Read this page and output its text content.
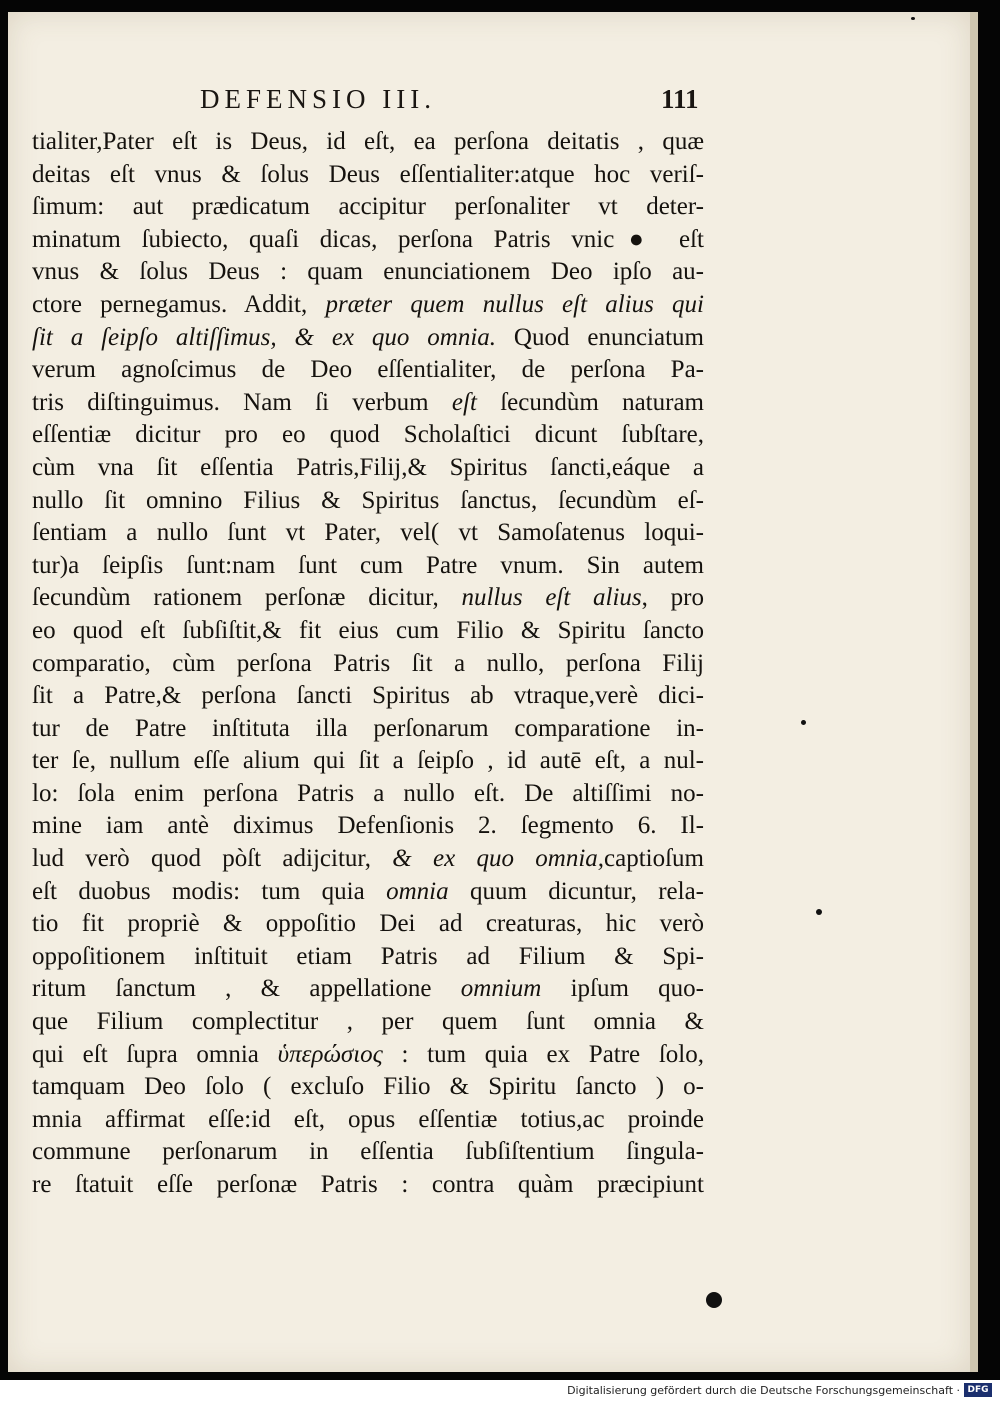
DEFENSIO III.	111
tialiter,Pater eſt is Deus, id eſt, ea perſona deitatis , quæ
deitas eſt vnus & ſolus Deus eſſentialiter:atque hoc veriſ-
ſimum: aut prædicatum accipitur perſonaliter vt deter-
minatum ſubiecto, quaſi dicas, perſona Patris vnic● eſt
vnus & ſolus Deus : quam enunciationem Deo ipſo au-
ctore pernegamus. Addit, præter quem nullus eſt alius qui
ſit a ſeipſo altiſſimus, & ex quo omnia. Quod enunciatum
verum agnoſcimus de Deo eſſentialiter, de perſona Pa-
tris diſtinguimus. Nam ſi verbum eſt ſecundùm naturam
eſſentiæ dicitur pro eo quod Scholaſtici dicunt ſubſtare,
cùm vna ſit eſſentia Patris,Filij,& Spiritus ſancti,eáque a
nullo ſit omnino Filius & Spiritus ſanctus, ſecundùm eſ-
ſentiam a nullo ſunt vt Pater, vel( vt Samoſatenus loqui-
tur)a ſeipſis ſunt:nam ſunt cum Patre vnum. Sin autem
ſecundùm rationem perſonæ dicitur, nullus eſt alius, pro
eo quod eſt ſubſiſtit,& fit eius cum Filio & Spiritu ſancto
comparatio, cùm perſona Patris ſit a nullo, perſona Filij
ſit a Patre,& perſona ſancti Spiritus ab vtraque,verè dici-
tur de Patre inſtituta illa perſonarum comparatione in-
ter ſe, nullum eſſe alium qui ſit a ſeipſo , id autē eſt, a nul-
lo: ſola enim perſona Patris a nullo eſt. De altiſſimi no-
mine iam antè diximus Defenſionis 2. ſegmento 6. Il-
lud verò quod pòſt adijcitur, & ex quo omnia,captioſum
eſt duobus modis: tum quia omnia quum dicuntur, rela-
tio fit propriè & oppoſitio Dei ad creaturas, hic verò
oppoſitionem inſtituit etiam Patris ad Filium & Spi-
ritum ſanctum , & appellatione omnium ipſum quo-
que Filium complectitur , per quem ſunt omnia &
qui eſt ſupra omnia ὑπερώσιος : tum quia ex Patre ſolo,
tamquam Deo ſolo ( excluſo Filio & Spiritu ſancto ) o-
mnia affirmat eſſe:id eſt, opus eſſentiæ totius,ac proinde
commune perſonarum in eſſentia ſubſiſtentium ſingula-
re ſtatuit eſſe perſonæ Patris : contra quàm præcipiunt
Digitalisierung gefördert durch die Deutsche Forschungsgemeinschaft · DFG
